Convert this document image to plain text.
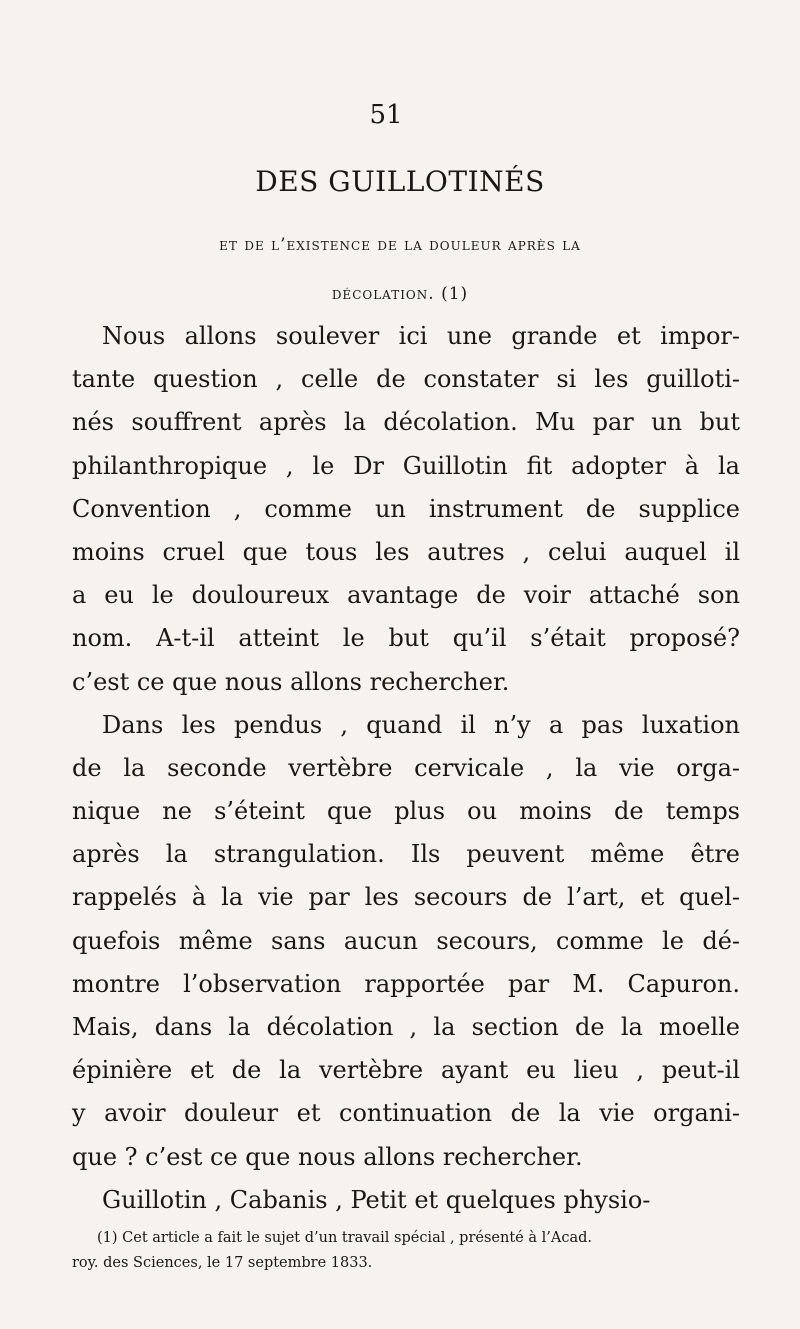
51
DES GUILLOTINÉS
et de l’existence de la douleur après la
décolation. (1)
Nous allons soulever ici une grande et impor-
tante question , celle de constater si les guilloti-
nés souffrent après la décolation. Mu par un but
philanthropique , le Dr Guillotin fit adopter à la
Convention , comme un instrument de supplice
moins cruel que tous les autres , celui auquel il
a eu le douloureux avantage de voir attaché son
nom. A-t-il atteint le but qu’il s’était proposé?
c’est ce que nous allons rechercher.
Dans les pendus , quand il n’y a pas luxation
de la seconde vertèbre cervicale , la vie orga-
nique ne s’éteint que plus ou moins de temps
après la strangulation. Ils peuvent même être
rappelés à la vie par les secours de l’art, et quel-
quefois même sans aucun secours, comme le dé-
montre l’observation rapportée par M. Capuron.
Mais, dans la décolation , la section de la moelle
épinière et de la vertèbre ayant eu lieu , peut-il
y avoir douleur et continuation de la vie organi-
que ? c’est ce que nous allons rechercher.
Guillotin , Cabanis , Petit et quelques physio-
(1) Cet article a fait le sujet d’un travail spécial , présenté à l’Acad.
roy. des Sciences, le 17 septembre 1833.
